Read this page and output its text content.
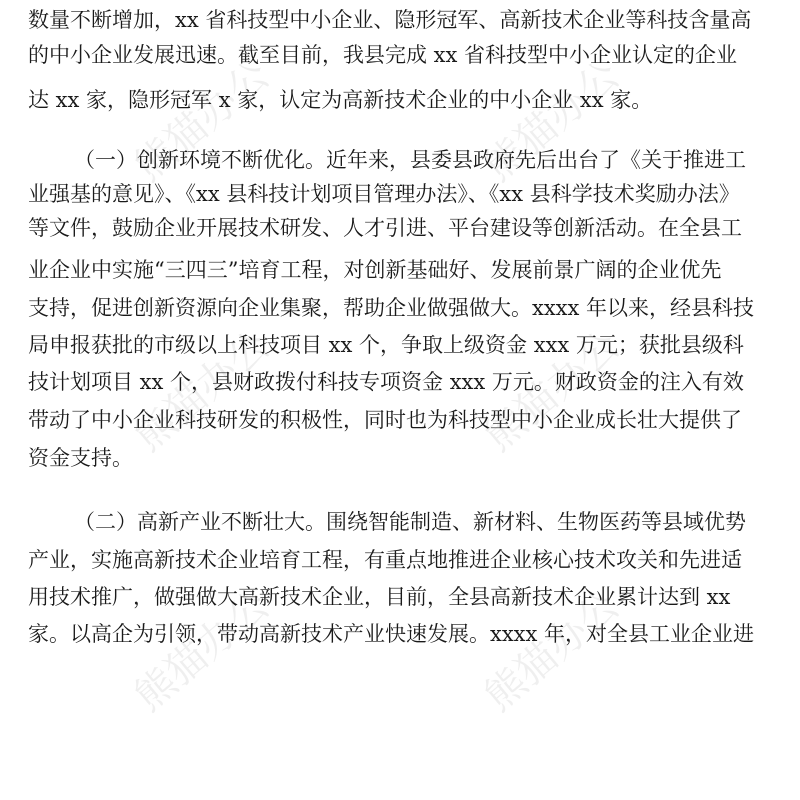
熊猫办公	熊猫办公
熊猫办公	熊猫办公
熊猫办公	熊猫办公
数量不断增加，xx 省科技型中小企业、隐形冠军、高新技术企业等科技含量高
的中小企业发展迅速。截至目前，我县完成 xx 省科技型中小企业认定的企业
达 xx 家，隐形冠军 x 家，认定为高新技术企业的中小企业 xx 家。
（一）创新环境不断优化。近年来，县委县政府先后出台了《关于推进工
业强基的意见》、《xx 县科技计划项目管理办法》、《xx 县科学技术奖励办法》
等文件，鼓励企业开展技术研发、人才引进、平台建设等创新活动。在全县工
业企业中实施“三四三”培育工程，对创新基础好、发展前景广阔的企业优先
支持，促进创新资源向企业集聚，帮助企业做强做大。xxxx 年以来，经县科技
局申报获批的市级以上科技项目 xx 个，争取上级资金 xxx 万元；获批县级科
技计划项目 xx 个，县财政拨付科技专项资金 xxx 万元。财政资金的注入有效
带动了中小企业科技研发的积极性，同时也为科技型中小企业成长壮大提供了
资金支持。
（二）高新产业不断壮大。围绕智能制造、新材料、生物医药等县域优势
产业，实施高新技术企业培育工程，有重点地推进企业核心技术攻关和先进适
用技术推广，做强做大高新技术企业，目前，全县高新技术企业累计达到 xx
家。以高企为引领，带动高新技术产业快速发展。xxxx 年，对全县工业企业进
